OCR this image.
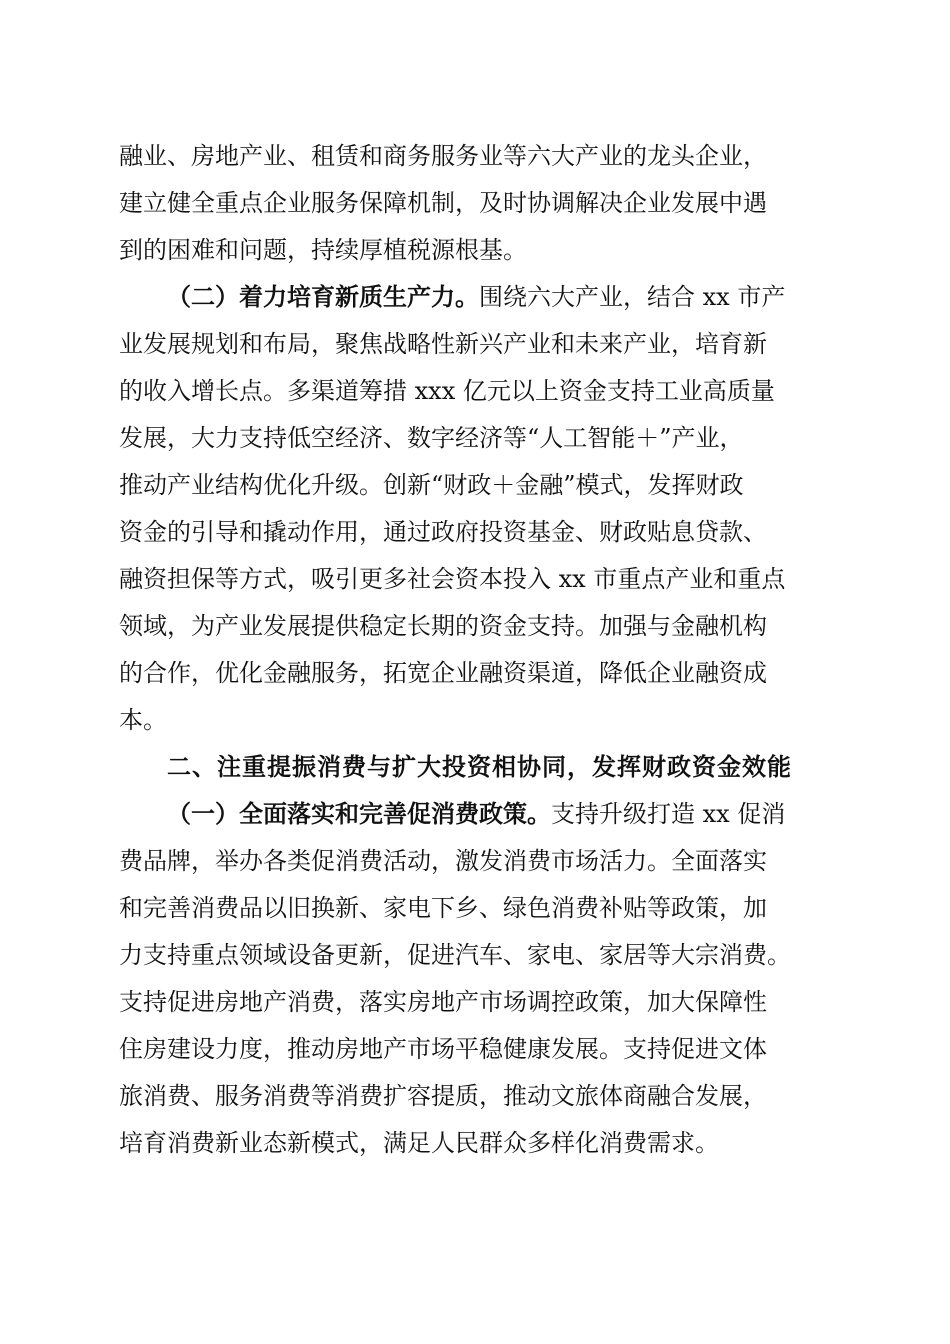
融业、房地产业、租赁和商务服务业等六大产业的龙头企业，
建立健全重点企业服务保障机制，及时协调解决企业发展中遇
到的困难和问题，持续厚植税源根基。
（二）着力培育新质生产力。围绕六大产业，结合 xx 市产
业发展规划和布局，聚焦战略性新兴产业和未来产业，培育新
的收入增长点。多渠道筹措 xxx 亿元以上资金支持工业高质量
发展，大力支持低空经济、数字经济等“人工智能＋”产业，
推动产业结构优化升级。创新“财政＋金融”模式，发挥财政
资金的引导和撬动作用，通过政府投资基金、财政贴息贷款、
融资担保等方式，吸引更多社会资本投入 xx 市重点产业和重点
领域，为产业发展提供稳定长期的资金支持。加强与金融机构
的合作，优化金融服务，拓宽企业融资渠道，降低企业融资成
本。
二、注重提振消费与扩大投资相协同，发挥财政资金效能
（一）全面落实和完善促消费政策。支持升级打造 xx 促消
费品牌，举办各类促消费活动，激发消费市场活力。全面落实
和完善消费品以旧换新、家电下乡、绿色消费补贴等政策，加
力支持重点领域设备更新，促进汽车、家电、家居等大宗消费。
支持促进房地产消费，落实房地产市场调控政策，加大保障性
住房建设力度，推动房地产市场平稳健康发展。支持促进文体
旅消费、服务消费等消费扩容提质，推动文旅体商融合发展，
培育消费新业态新模式，满足人民群众多样化消费需求。
